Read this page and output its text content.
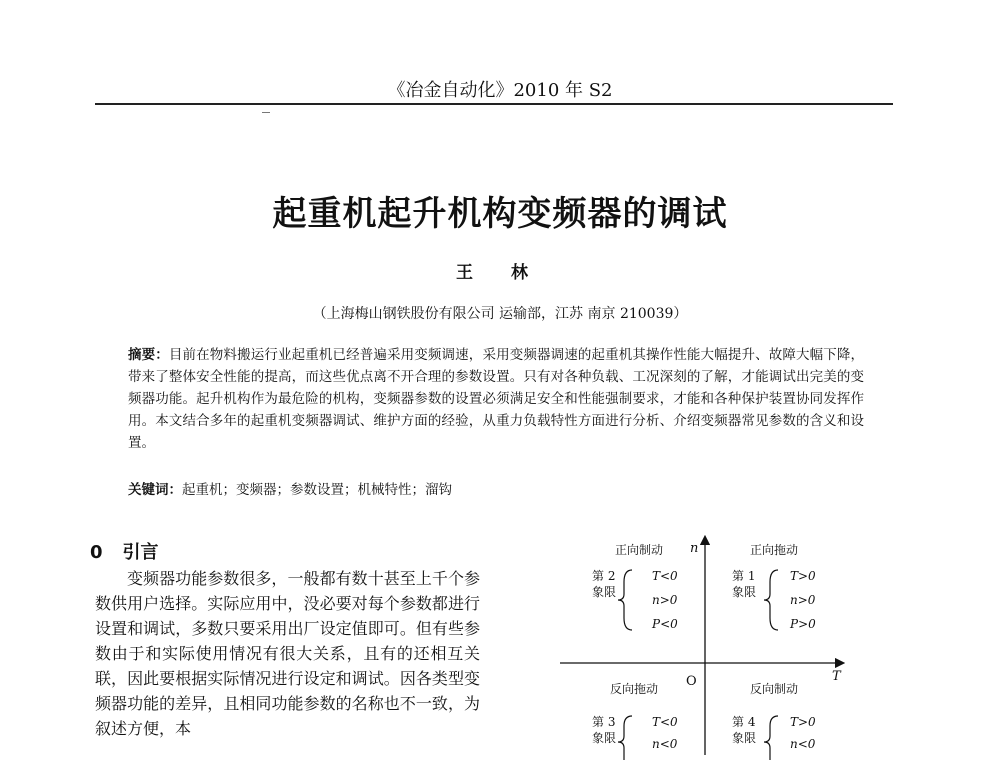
《冶金自动化》2010 年 S2
起重机起升机构变频器的调试
王 林
（上海梅山钢铁股份有限公司 运输部，江苏 南京 210039）
摘要：目前在物料搬运行业起重机已经普遍采用变频调速，采用变频器调速的起重机其操作性能大幅提升、故障大幅下降，带来了整体安全性能的提高，而这些优点离不开合理的参数设置。只有对各种负载、工况深刻的了解，才能调试出完美的变频器功能。起升机构作为最危险的机构，变频器参数的设置必须满足安全和性能强制要求，才能和各种保护装置协同发挥作用。本文结合多年的起重机变频器调试、维护方面的经验，从重力负载特性方面进行分析、介绍变频器常见参数的含义和设置。
关键词：起重机；变频器；参数设置；机械特性；溜钩
0 引言

变频器功能参数很多，一般都有数十甚至上千个参数供用户选择。实际应用中，没必要对每个参数都进行设置和调试，多数只要采用出厂设定值即可。但有些参数由于和实际使用情况有很大关系，且有的还相互关联，因此要根据实际情况进行设定和调试。因各类型变频器功能的差异，且相同功能参数的名称也不一致，为叙述方便，本

n
T
O
正向制动	正向拖动
反向拖动	反向制动
第 2
象限
T<0
n>0
P<0
第 1
象限
T>0
n>0
P>0
第 3
象限
T<0
n<0
第 4
象限
T>0
n<0
